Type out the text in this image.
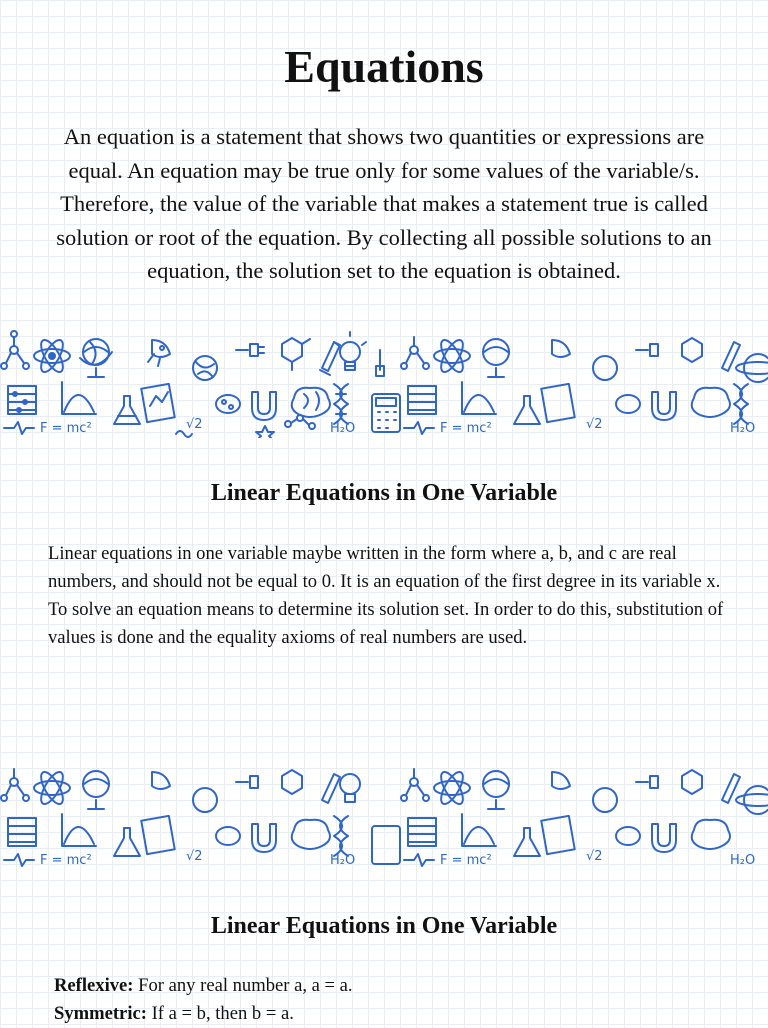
Equations

An equation is a statement that shows two quantities or expressions are equal. An equation may be true only for some values of the variable/s. Therefore, the value of the variable that makes a statement true is called solution or root of the equation. By collecting all possible solutions to an equation, the solution set to the equation is obtained.

F = mc²	√2	H₂O	F = mc²	√2	H₂O
Linear Equations in One Variable

Linear equations in one variable maybe written in the form where a, b, and c are real numbers, and should not be equal to 0. It is an equation of the first degree in its variable x. To solve an equation means to determine its solution set. In order to do this, substitution of values is done and the equality axioms of real numbers are used.

F = mc²	√2	H₂O	F = mc²	√2	H₂O
Linear Equations in One Variable
Reflexive: For any real number a, a = a.
Symmetric: If a = b, then b = a.
